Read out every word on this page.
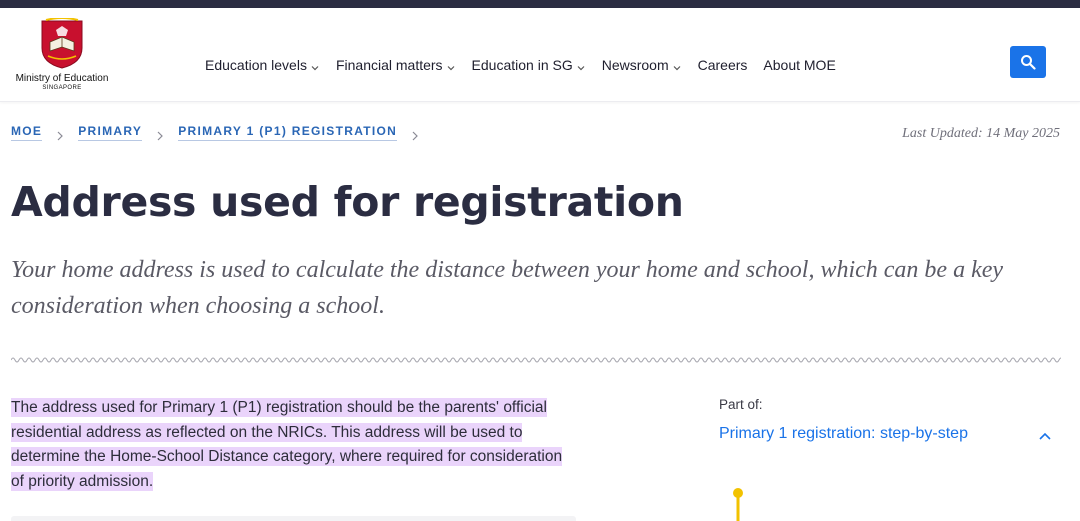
Ministry of Education
SINGAPORE
Education levels Financial matters Education in SG Newsroom Careers About MOE
MOE	PRIMARY	PRIMARY 1 (P1) REGISTRATION	Last Updated: 14 May 2025
Address used for registration

Your home address is used to calculate the distance between your home and school, which can be a key consideration when choosing a school.

The address used for Primary 1 (P1) registration should be the parents' official residential address as reflected on the NRICs. This address will be used to determine the Home-School Distance category, where required for consideration of priority admission.

Part of:
Primary 1 registration: step-by-step
